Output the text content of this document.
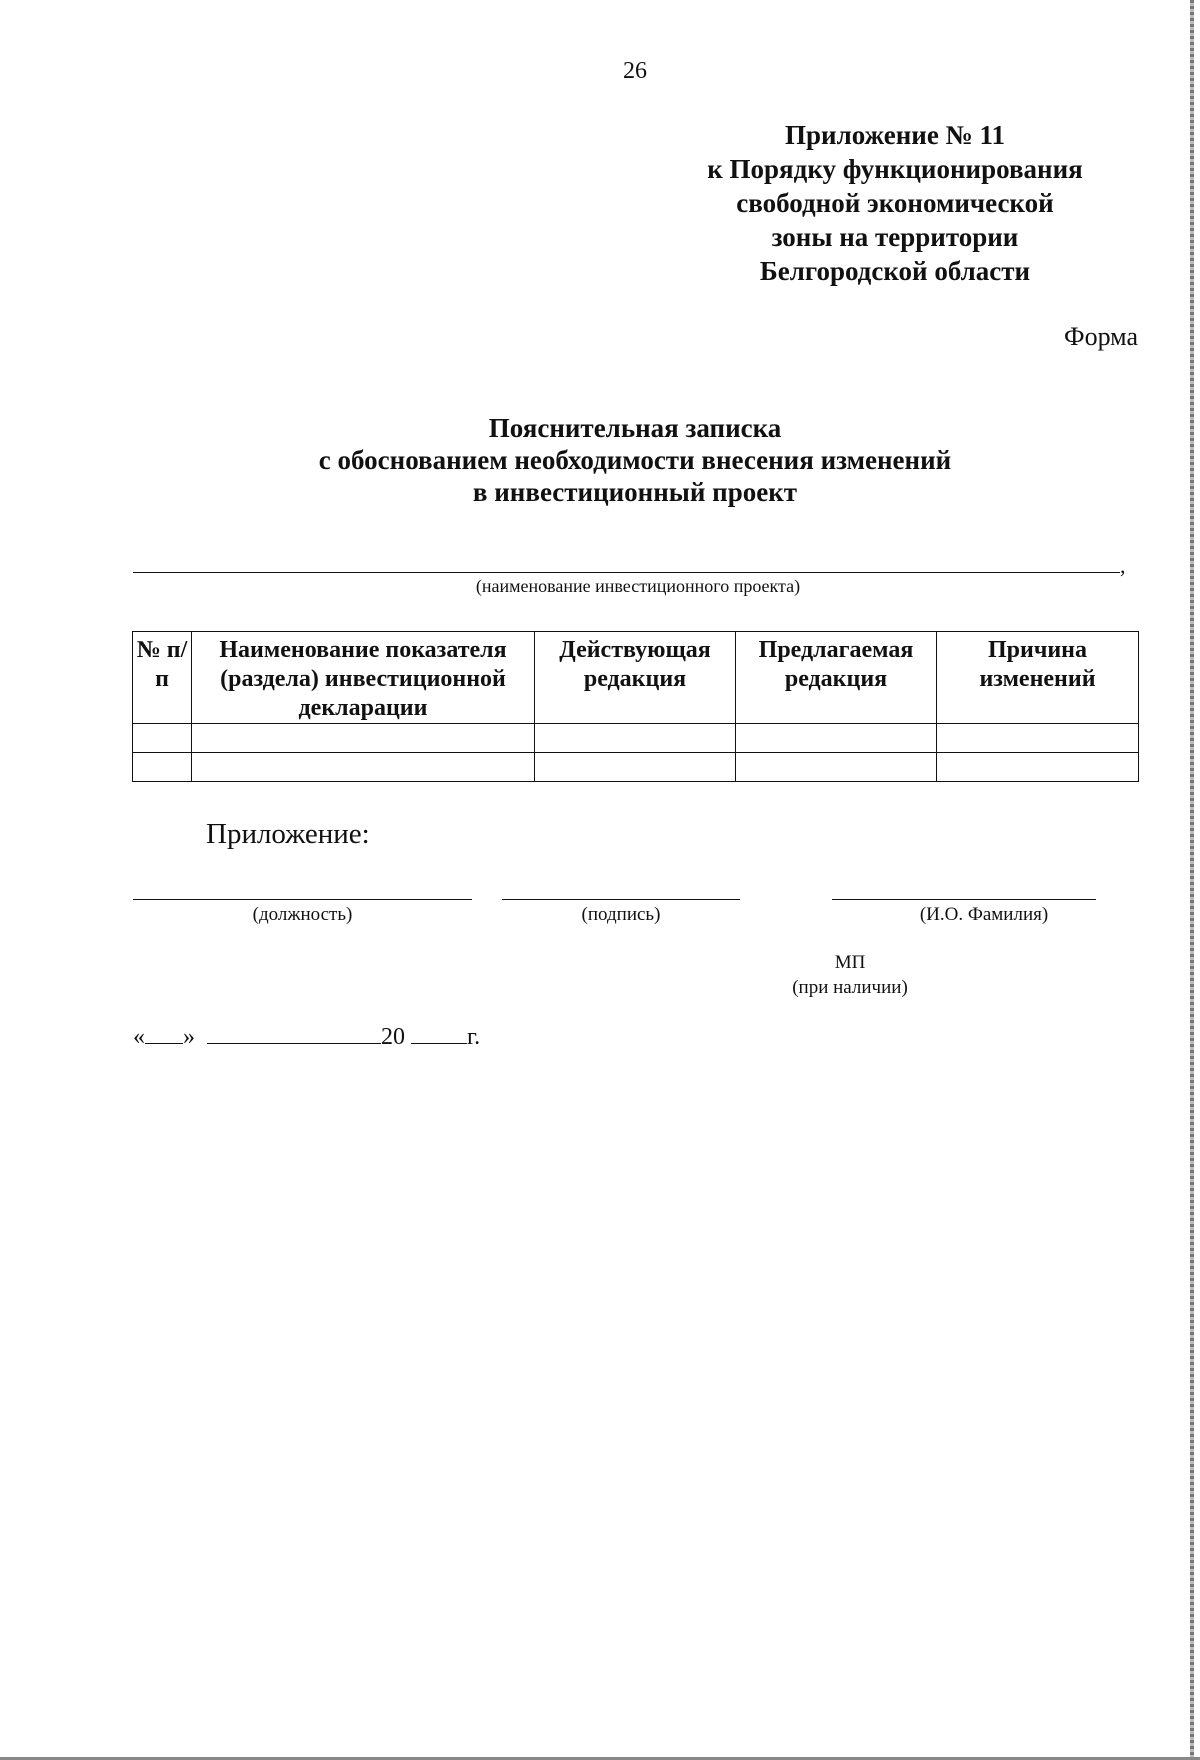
26
Приложение № 11
к Порядку функционирования
свободной экономической
зоны на территории
Белгородской области
Форма
Пояснительная записка
с обоснованием необходимости внесения изменений
в инвестиционный проект
,
(наименование инвестиционного проекта)
№ п/п	Наименование показателя (раздела) инвестиционной декларации	Действующая редакция	Предлагаемая редакция	Причина изменений

Приложение:
(должность)	(подпись)	(И.О. Фамилия)
МП
(при наличии)
« »	20	г.
